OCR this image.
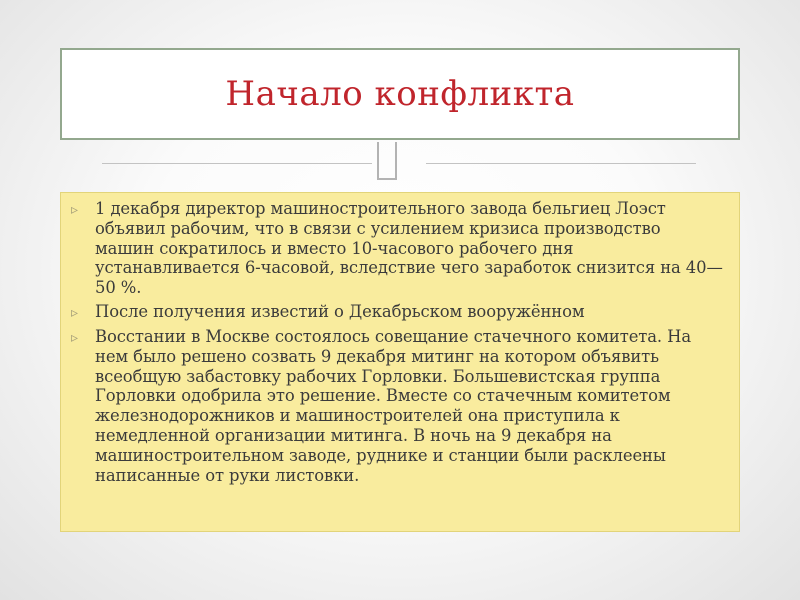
Начало конфликта
▹	1 декабря директор машиностроительного завода бельгиец Лоэст объявил рабочим, что в связи с усилением кризиса производство машин сократилось и вместо 10-часового рабочего дня устанавливается 6-часовой, вследствие чего заработок снизится на 40—50 %.
▹	После получения известий о Декабрьском вооружённом
▹	Восстании в Москве состоялось совещание стачечного комитета. На нем было решено созвать 9 декабря митинг на котором объявить всеобщую забастовку рабочих Горловки. Большевистская группа Горловки одобрила это решение. Вместе со стачечным комитетом железнодорожников и машиностроителей она приступила к немедленной организации митинга. В ночь на 9 декабря на машиностроительном заводе, руднике и станции были расклеены написанные от руки листовки.
